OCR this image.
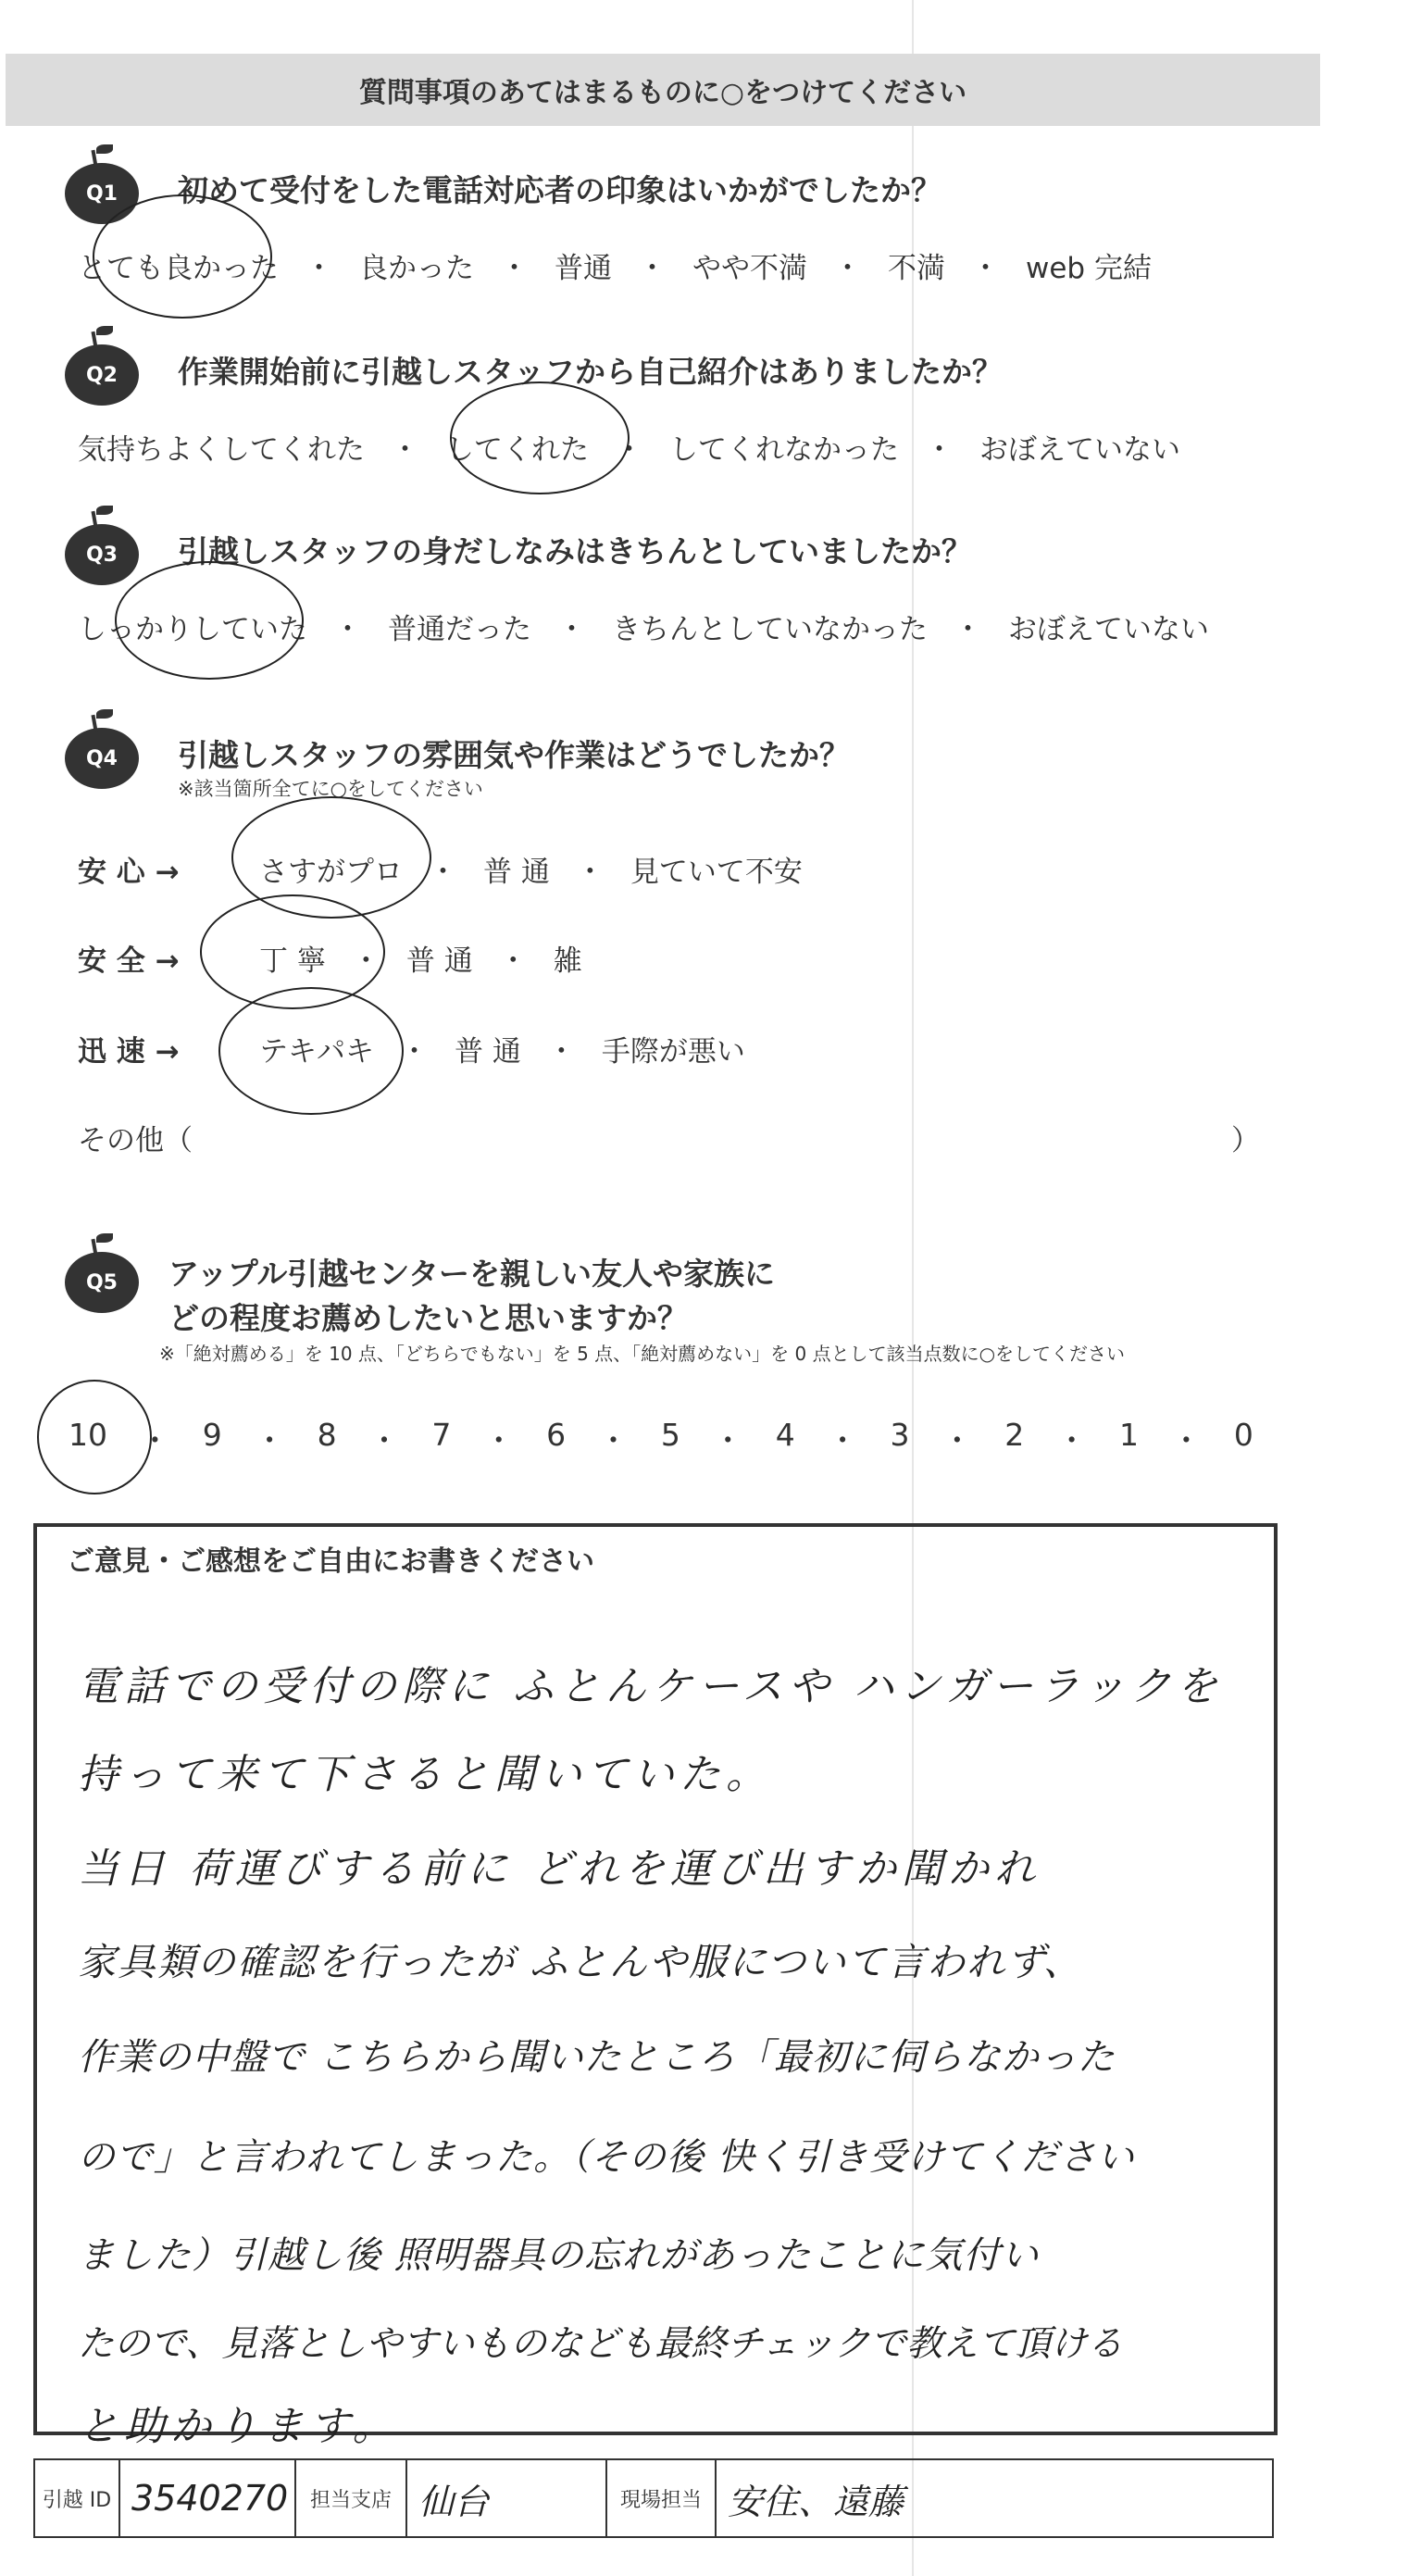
質問事項のあてはまるものに○をつけてください
Q1 初めて受付をした電話対応者の印象はいかがでしたか？
とても良かった ・ 良かった ・ 普通 ・ やや不満 ・ 不満 ・ web 完結
Q2 作業開始前に引越しスタッフから自己紹介はありましたか？
気持ちよくしてくれた ・ してくれた ・ してくれなかった ・ おぼえていない
Q3 引越しスタッフの身だしなみはきちんとしていましたか？
しっかりしていた ・ 普通だった ・ きちんとしていなかった ・ おぼえていない
Q4 引越しスタッフの雰囲気や作業はどうでしたか？
※該当箇所全てに○をしてください
安 心 →	さすがプロ ・ 普 通 ・ 見ていて不安
安 全 →	丁 寧 ・ 普 通 ・ 雑
迅 速 →	テキパキ ・ 普 通 ・ 手際が悪い
その他（	）
Q5 アップル引越センターを親しい友人や家族に
どの程度お薦めしたいと思いますか？
※「絶対薦める」を 10 点、「どちらでもない」を 5 点、「絶対薦めない」を 0 点として該当点数に○をしてください
10 ・ 9 ・ 8 ・ 7 ・ 6 ・ 5 ・ 4 ・ 3 ・ 2 ・ 1 ・ 0
ご意見・ご感想をご自由にお書きください
電話での受付の際に ふとんケースや ハンガーラックを
持って来て下さると聞いていた。
当日 荷運びする前に どれを運び出すか聞かれ
家具類の確認を行ったが ふとんや服について言われず、
作業の中盤で こちらから聞いたところ「最初に伺らなかった
ので」と言われてしまった。（その後 快く引き受けてください
ました）引越し後 照明器具の忘れがあったことに気付い
たので、見落としやすいものなども最終チェックで教えて頂ける
と助かります。
引越 ID 3540270	担当支店 仙台	現場担当 安住、遠藤
